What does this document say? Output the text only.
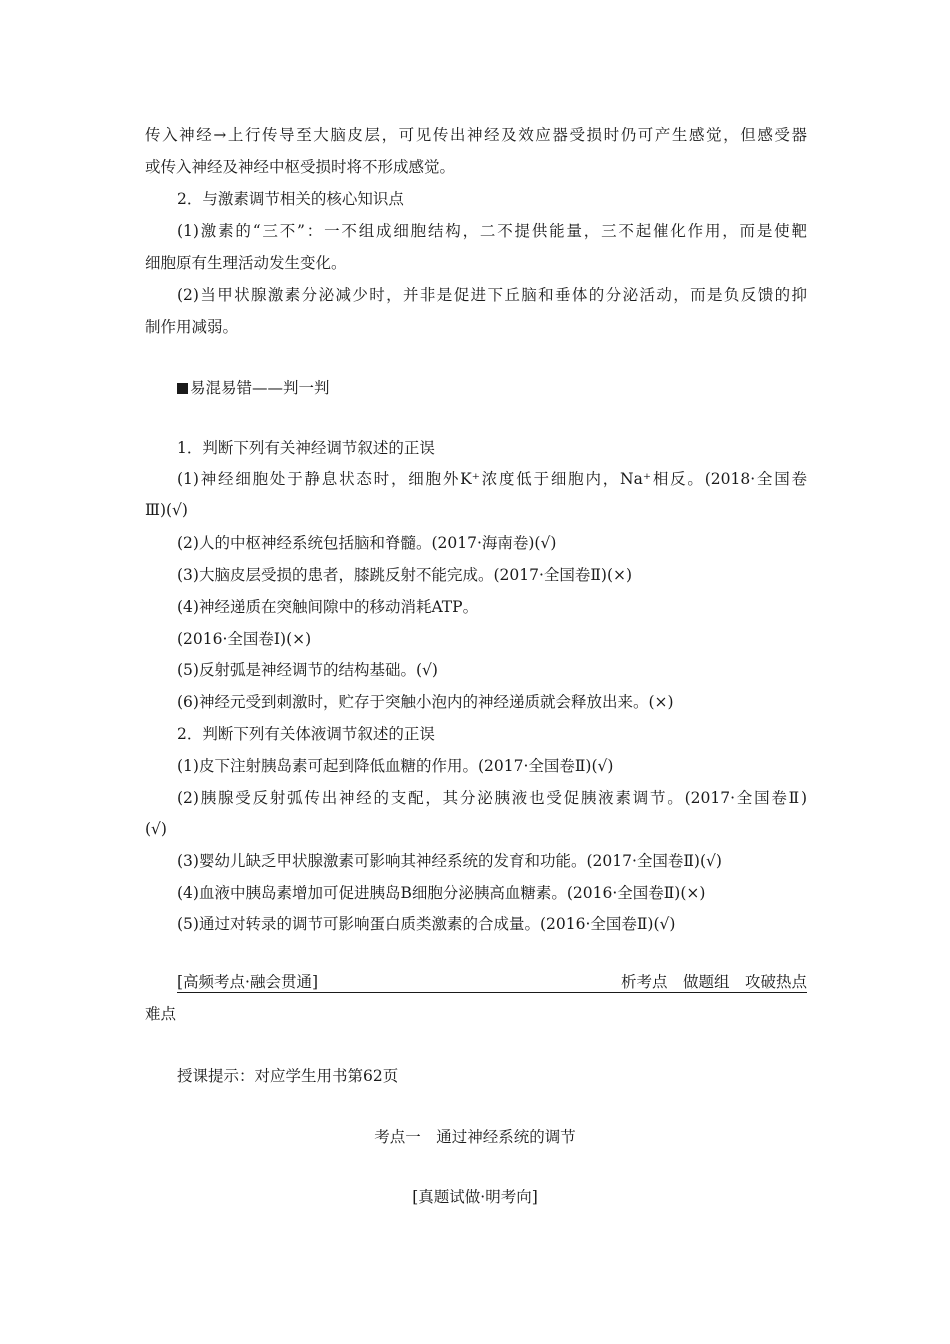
传入神经→上行传导至大脑皮层，可见传出神经及效应器受损时仍可产生感觉，但感受器
或传入神经及神经中枢受损时将不形成感觉。
2．与激素调节相关的核心知识点
(1)激素的“三不”：一不组成细胞结构，二不提供能量，三不起催化作用，而是使靶
细胞原有生理活动发生变化。
(2)当甲状腺激素分泌减少时，并非是促进下丘脑和垂体的分泌活动，而是负反馈的抑
制作用减弱。
易混易错——判一判
1．判断下列有关神经调节叙述的正误
(1)神经细胞处于静息状态时，细胞外K⁺浓度低于细胞内，Na⁺相反。(2018·全国卷
Ⅲ)(√)
(2)人的中枢神经系统包括脑和脊髓。(2017·海南卷)(√)
(3)大脑皮层受损的患者，膝跳反射不能完成。(2017·全国卷Ⅱ)(×)
(4)神经递质在突触间隙中的移动消耗ATP。
(2016·全国卷Ⅰ)(×)
(5)反射弧是神经调节的结构基础。(√)
(6)神经元受到刺激时，贮存于突触小泡内的神经递质就会释放出来。(×)
2．判断下列有关体液调节叙述的正误
(1)皮下注射胰岛素可起到降低血糖的作用。(2017·全国卷Ⅱ)(√)
(2)胰腺受反射弧传出神经的支配，其分泌胰液也受促胰液素调节。(2017·全国卷Ⅱ)
(√)
(3)婴幼儿缺乏甲状腺激素可影响其神经系统的发育和功能。(2017·全国卷Ⅱ)(√)
(4)血液中胰岛素增加可促进胰岛B细胞分泌胰高血糖素。(2016·全国卷Ⅱ)(×)
(5)通过对转录的调节可影响蛋白质类激素的合成量。(2016·全国卷Ⅱ)(√)
[高频考点·融会贯通]	析考点　做题组　攻破热点
难点
授课提示：对应学生用书第62页
考点一　通过神经系统的调节
[真题试做·明考向]
